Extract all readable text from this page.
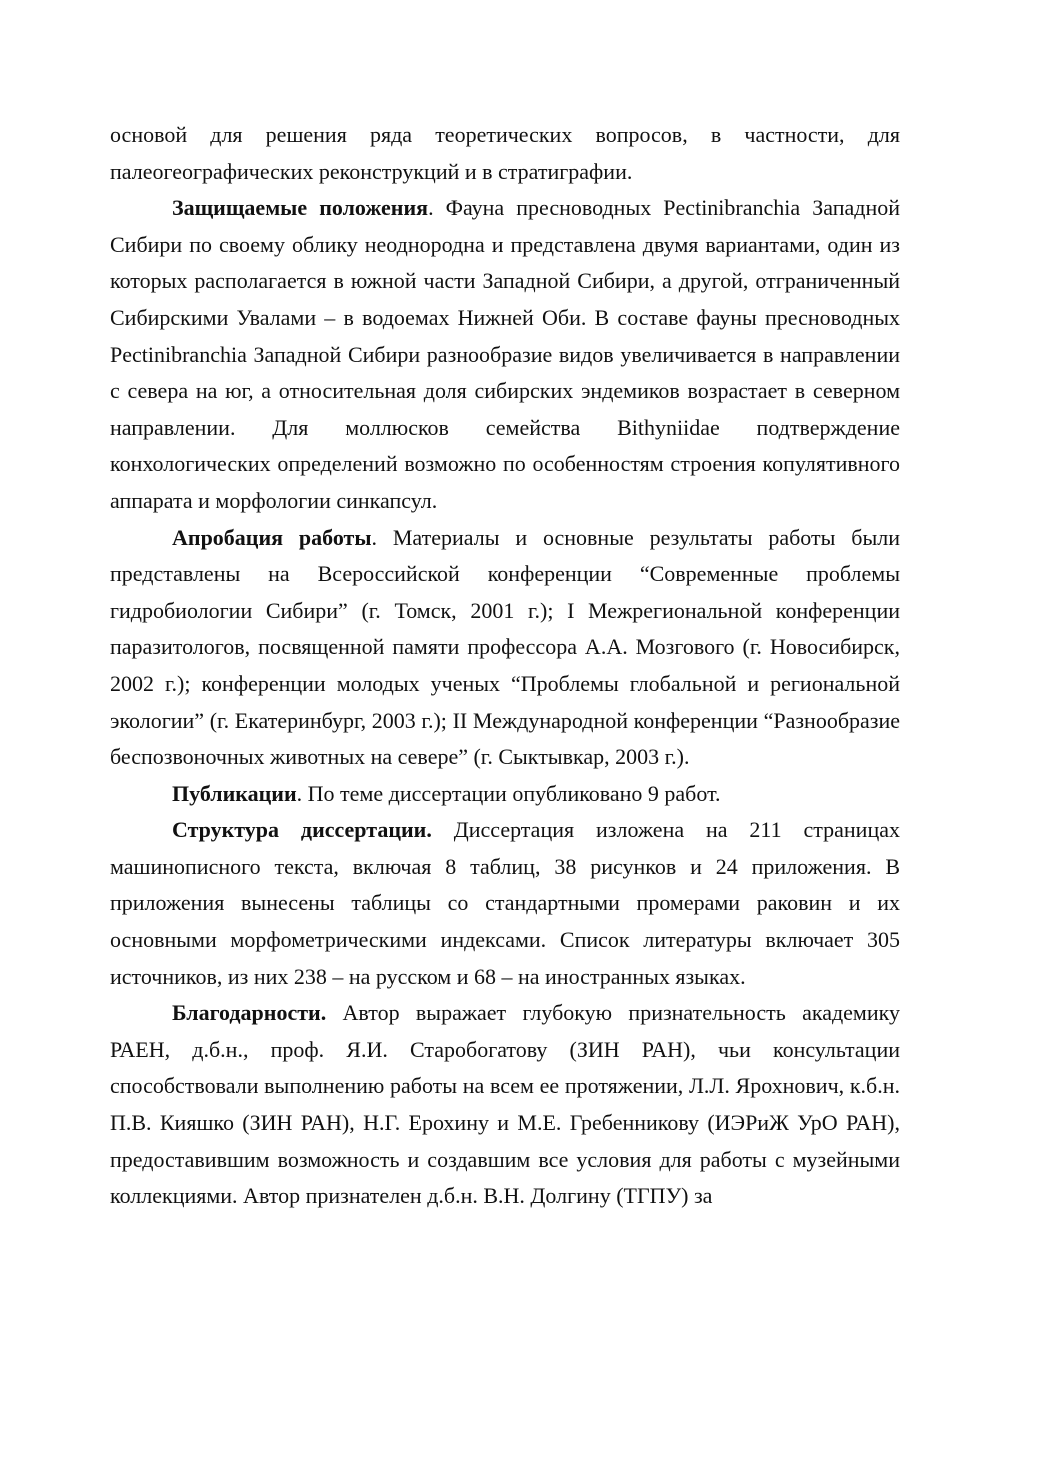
основой для решения ряда теоретических вопросов, в частности, для палеогеографических реконструкций и в стратиграфии.

Защищаемые положения. Фауна пресноводных Pectinibranchia Западной Сибири по своему облику неоднородна и представлена двумя вариантами, один из которых располагается в южной части Западной Сибири, а другой, отграниченный Сибирскими Увалами – в водоемах Нижней Оби. В составе фауны пресноводных Pectinibranchia Западной Сибири разнообразие видов увеличивается в направлении с севера на юг, а относительная доля сибирских эндемиков возрастает в северном направлении. Для моллюсков семейства Bithyniidae подтверждение конхологических определений возможно по особенностям строения копулятивного аппарата и морфологии синкапсул.

Апробация работы. Материалы и основные результаты работы были представлены на Всероссийской конференции “Современные проблемы гидробиологии Сибири” (г. Томск, 2001 г.); I Межрегиональной конференции паразитологов, посвященной памяти профессора А.А. Мозгового (г. Новосибирск, 2002 г.); конференции молодых ученых “Проблемы глобальной и региональной экологии” (г. Екатеринбург, 2003 г.); II Международной конференции “Разнообразие беспозвоночных животных на севере” (г. Сыктывкар, 2003 г.).

Публикации. По теме диссертации опубликовано 9 работ.

Структура диссертации. Диссертация изложена на 211 страницах машинописного текста, включая 8 таблиц, 38 рисунков и 24 приложения. В приложения вынесены таблицы со стандартными промерами раковин и их основными морфометрическими индексами. Список литературы включает 305 источников, из них 238 – на русском и 68 – на иностранных языках.

Благодарности. Автор выражает глубокую признательность академику РАЕН, д.б.н., проф. Я.И. Старобогатову (ЗИН РАН), чьи консультации способствовали выполнению работы на всем ее протяжении, Л.Л. Ярохнович, к.б.н. П.В. Кияшко (ЗИН РАН), Н.Г. Ерохину и М.Е. Гребенникову (ИЭРиЖ УрО РАН), предоставившим возможность и создавшим все условия для работы с музейными коллекциями. Автор признателен д.б.н. В.Н. Долгину (ТГПУ) за
